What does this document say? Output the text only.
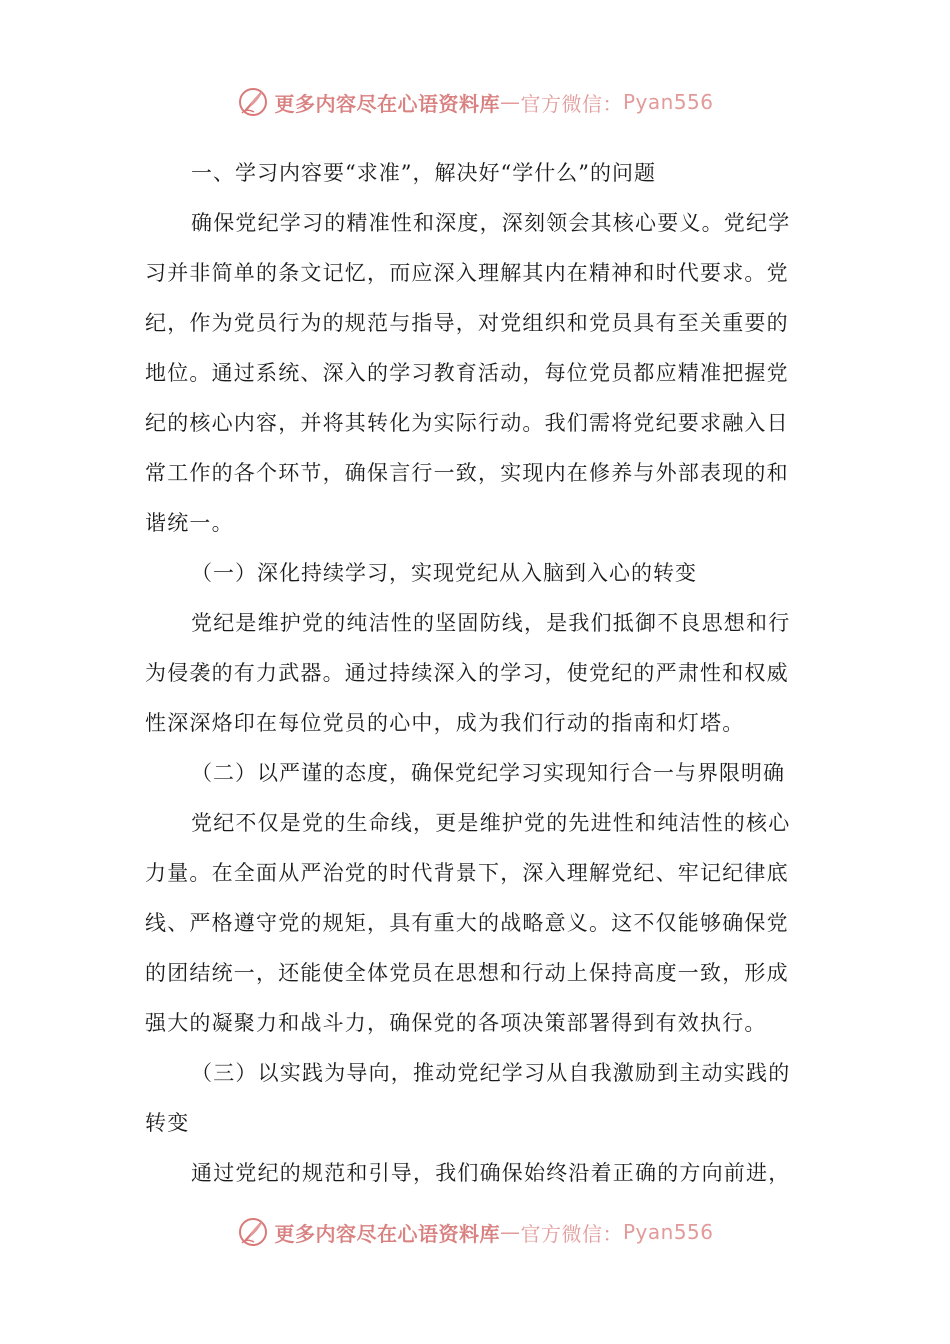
更多内容尽在心语资料库 — 官方微信： Pyan556
一、学习内容要“求准”，解决好“学什么”的问题
确保党纪学习的精准性和深度，深刻领会其核心要义。党纪学
习并非简单的条文记忆，而应深入理解其内在精神和时代要求。党
纪，作为党员行为的规范与指导，对党组织和党员具有至关重要的
地位。通过系统、深入的学习教育活动，每位党员都应精准把握党
纪的核心内容，并将其转化为实际行动。我们需将党纪要求融入日
常工作的各个环节，确保言行一致，实现内在修养与外部表现的和
谐统一。
（一）深化持续学习，实现党纪从入脑到入心的转变
党纪是维护党的纯洁性的坚固防线，是我们抵御不良思想和行
为侵袭的有力武器。通过持续深入的学习，使党纪的严肃性和权威
性深深烙印在每位党员的心中，成为我们行动的指南和灯塔。
（二）以严谨的态度，确保党纪学习实现知行合一与界限明确
党纪不仅是党的生命线，更是维护党的先进性和纯洁性的核心
力量。在全面从严治党的时代背景下，深入理解党纪、牢记纪律底
线、严格遵守党的规矩，具有重大的战略意义。这不仅能够确保党
的团结统一，还能使全体党员在思想和行动上保持高度一致，形成
强大的凝聚力和战斗力，确保党的各项决策部署得到有效执行。
（三）以实践为导向，推动党纪学习从自我激励到主动实践的
转变
通过党纪的规范和引导，我们确保始终沿着正确的方向前进，
更多内容尽在心语资料库 — 官方微信： Pyan556
